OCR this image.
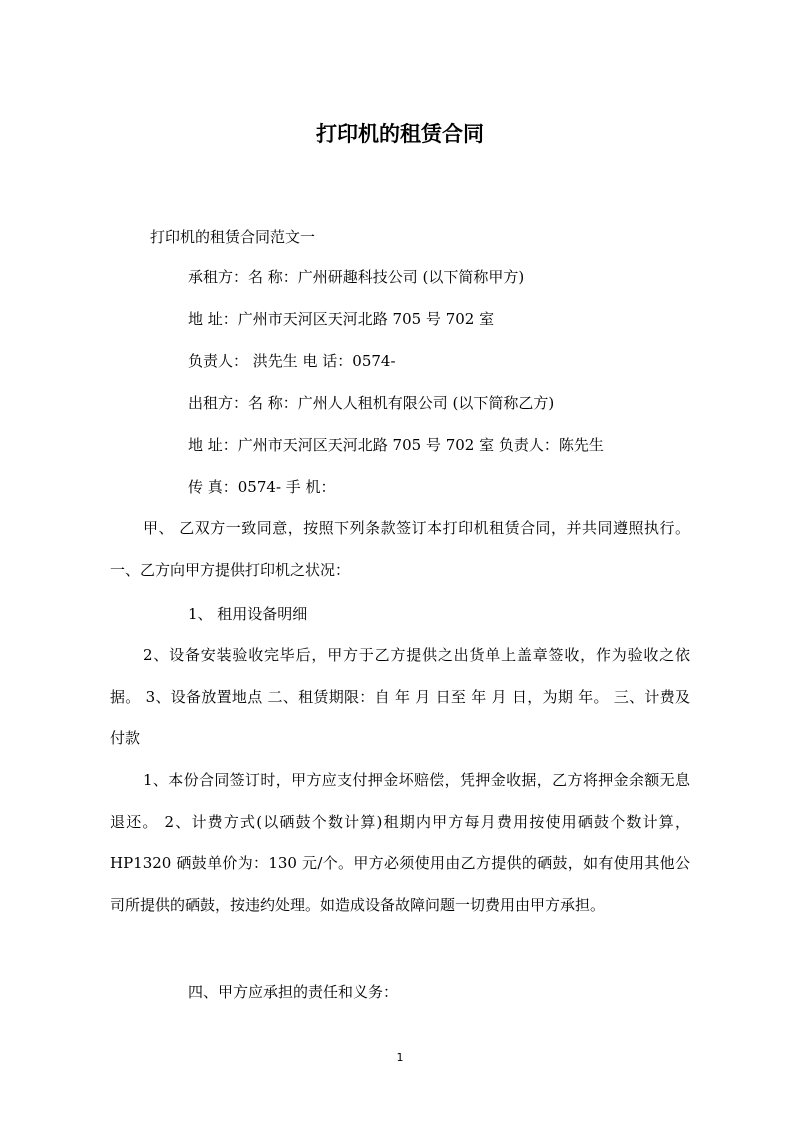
打印机的租赁合同

打印机的租赁合同范文一

承租方：名 称：广州研趣科技公司 (以下简称甲方)

地 址：广州市天河区天河北路 705 号 702 室

负责人： 洪先生 电 话：0574-

出租方：名 称：广州人人租机有限公司 (以下简称乙方)

地 址：广州市天河区天河北路 705 号 702 室 负责人：陈先生

传 真：0574- 手 机：

甲、 乙双方一致同意，按照下列条款签订本打印机租赁合同，并共同遵照执行。 一、乙方向甲方提供打印机之状况：

1、 租用设备明细

2、设备安装验收完毕后，甲方于乙方提供之出货单上盖章签收，作为验收之依据。 3、设备放置地点 二、租赁期限：自 年 月 日至 年 月 日，为期 年。 三、计费及付款

1、本份合同签订时，甲方应支付押金坏赔偿，凭押金收据，乙方将押金余额无息退还。 2、计费方式(以硒鼓个数计算)租期内甲方每月费用按使用硒鼓个数计算，HP1320 硒鼓单价为：130 元/个。甲方必须使用由乙方提供的硒鼓，如有使用其他公司所提供的硒鼓，按违约处理。如造成设备故障问题一切费用由甲方承担。

四、甲方应承担的责任和义务：

1
